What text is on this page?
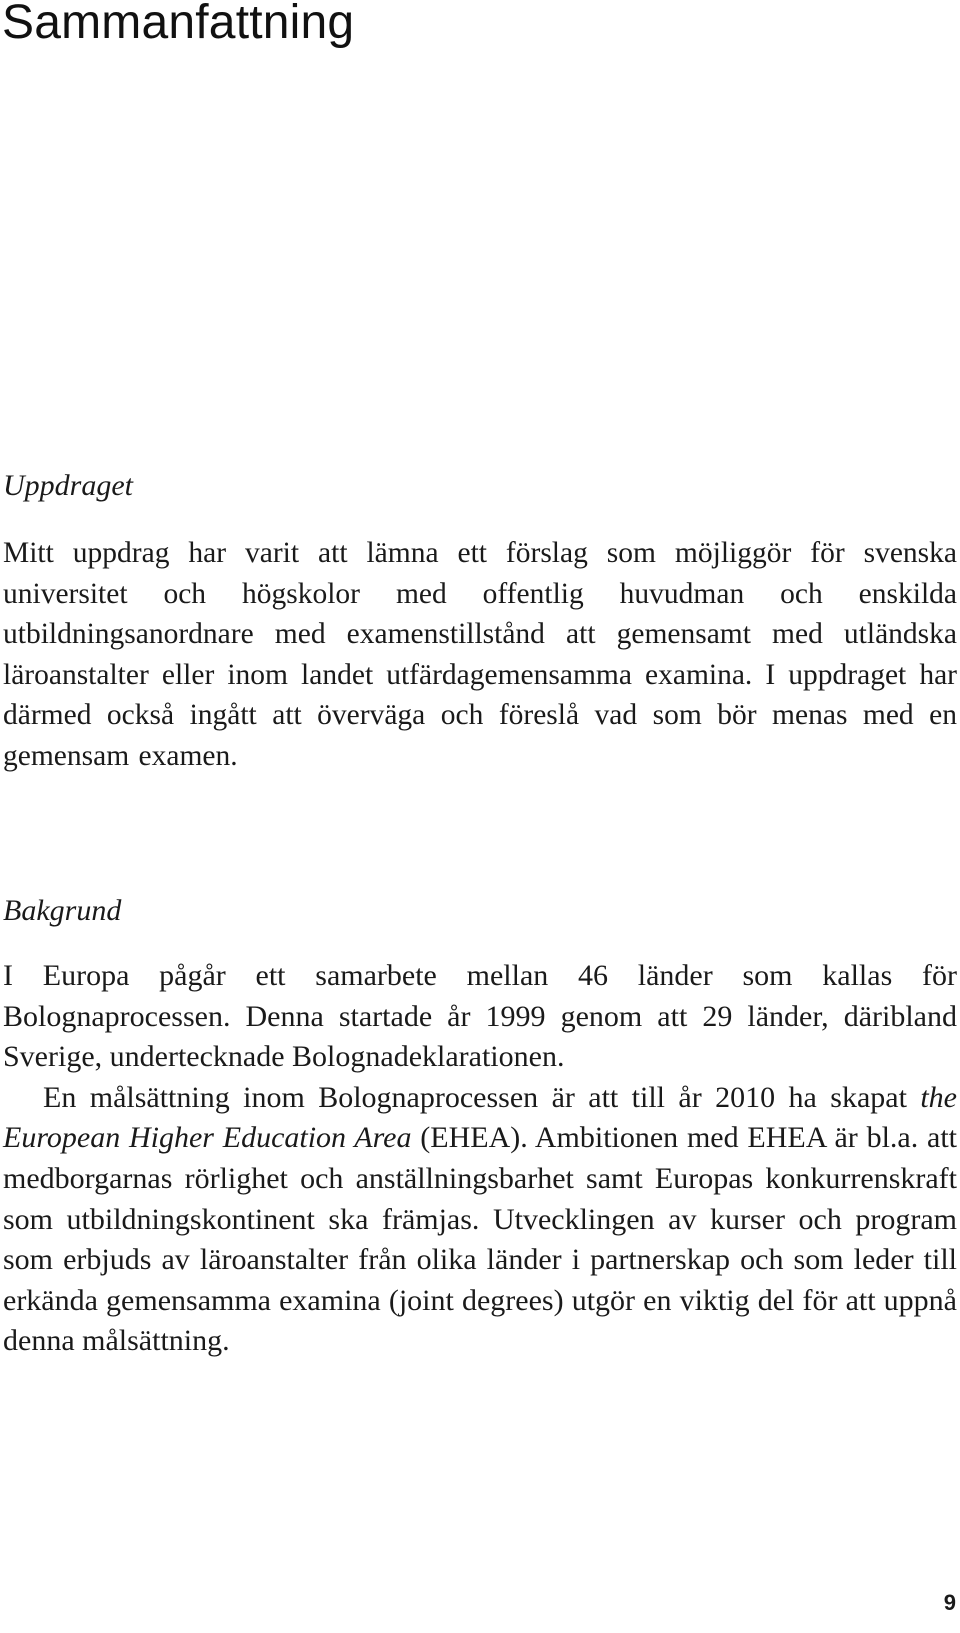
Sammanfattning
Uppdraget

Mitt uppdrag har varit att lämna ett förslag som möjliggör för svenska universitet och högskolor med offentlig huvudman och enskilda utbildningsanordnare med examenstillstånd att gemensamt med utländska läroanstalter eller inom landet utfärdagemensamma examina. I uppdraget har därmed också ingått att överväga och föreslå vad som bör menas med en gemensam examen.

Bakgrund
I Europa pågår ett samarbete mellan 46 länder som kallas för Bolognaprocessen. Denna startade år 1999 genom att 29 länder, däribland Sverige, undertecknade Bolognadeklarationen.
En målsättning inom Bolognaprocessen är att till år 2010 ha skapat the European Higher Education Area (EHEA). Ambitionen med EHEA är bl.a. att medborgarnas rörlighet och anställningsbarhet samt Europas konkurrenskraft som utbildningskontinent ska främjas. Utvecklingen av kurser och program som erbjuds av läroanstalter från olika länder i partnerskap och som leder till erkända gemensamma examina (joint degrees) utgör en viktig del för att uppnå denna målsättning.
9
